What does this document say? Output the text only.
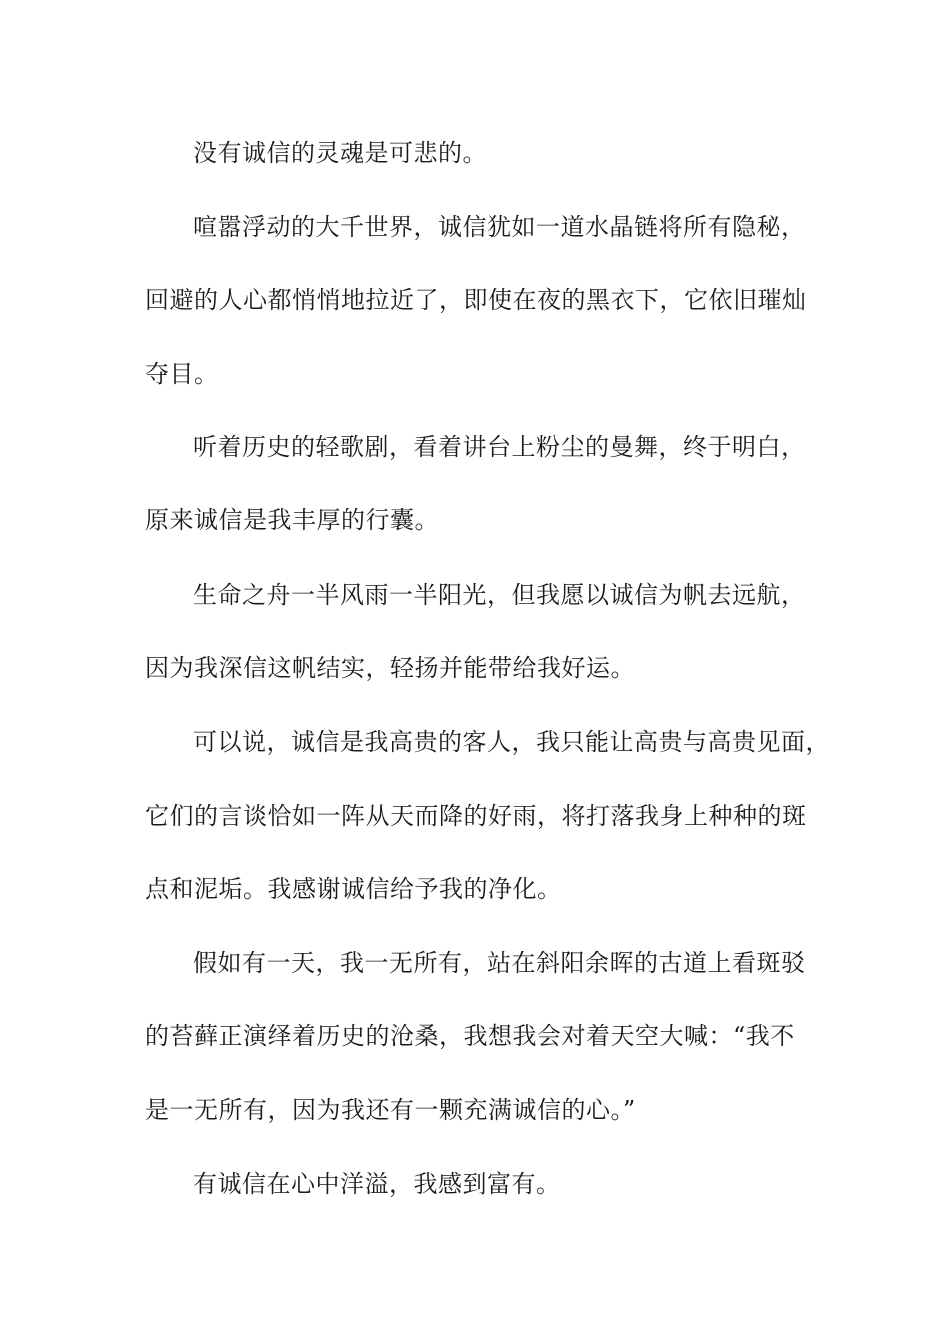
没有诚信的灵魂是可悲的。
喧嚣浮动的大千世界，诚信犹如一道水晶链将所有隐秘，
回避的人心都悄悄地拉近了，即使在夜的黑衣下，它依旧璀灿
夺目。
听着历史的轻歌剧，看着讲台上粉尘的曼舞，终于明白，
原来诚信是我丰厚的行囊。
生命之舟一半风雨一半阳光，但我愿以诚信为帆去远航，
因为我深信这帆结实，轻扬并能带给我好运。
可以说，诚信是我高贵的客人，我只能让高贵与高贵见面，
它们的言谈恰如一阵从天而降的好雨，将打落我身上种种的斑
点和泥垢。我感谢诚信给予我的净化。
假如有一天，我一无所有，站在斜阳余晖的古道上看斑驳
的苔藓正演绎着历史的沧桑，我想我会对着天空大喊：“我不
是一无所有，因为我还有一颗充满诚信的心。”
有诚信在心中洋溢，我感到富有。
